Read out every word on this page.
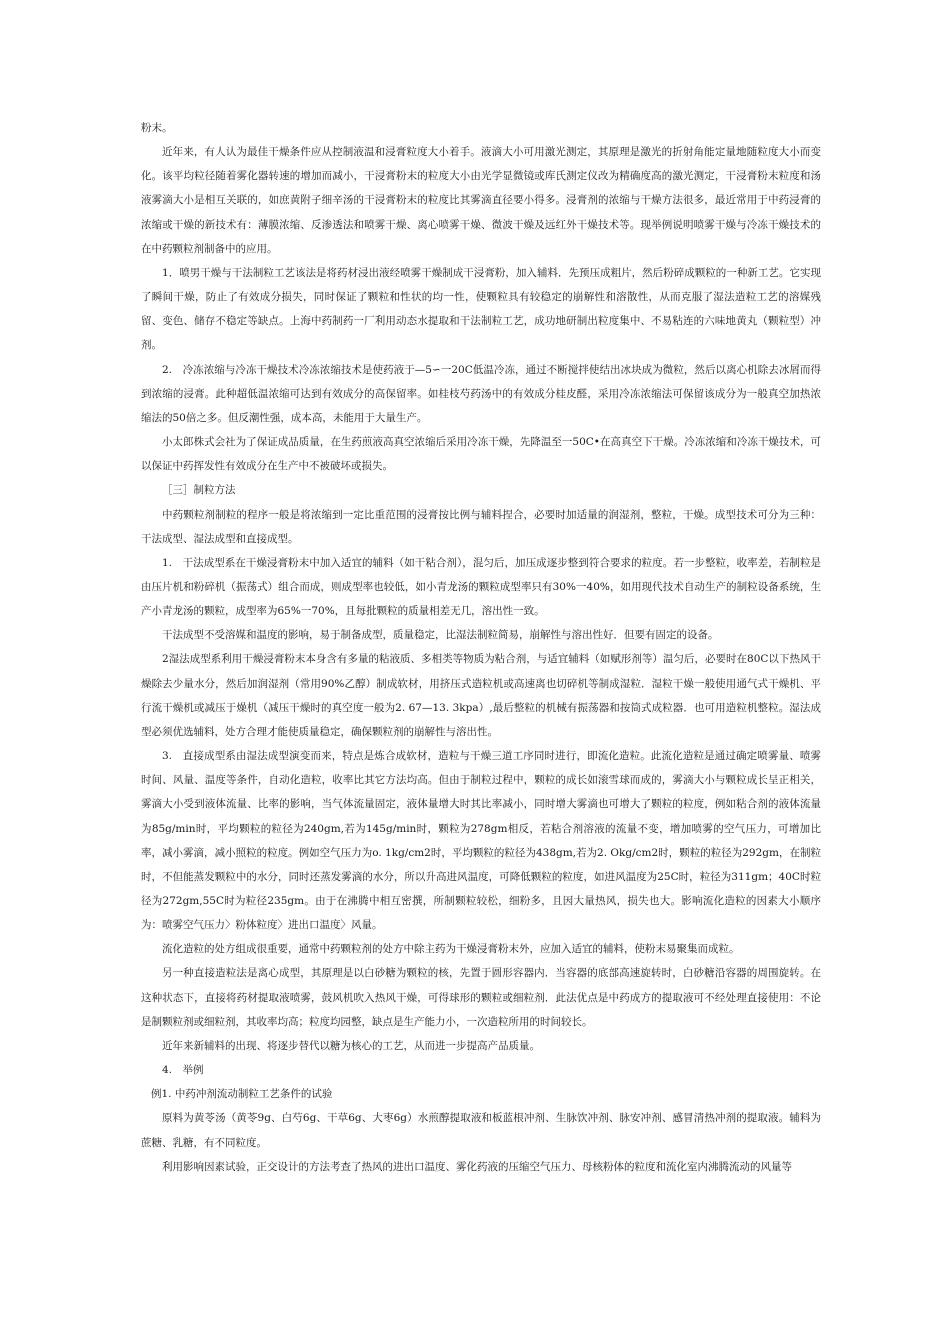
粉末。

近年来，有人认为最佳干燥条件应从控制液温和浸膏粒度大小着手。液滴大小可用激光测定，其原理是激光的折射角能定量地随粒度大小而变化。该平均粒径随着雾化器转速的增加而减小，干浸膏粉末的粒度大小由光学显微镜或库氏测定仪改为精确度高的激光测定，干浸膏粉末粒度和汤液雾滴大小是相互关联的，如庶黄附子细辛汤的干浸膏粉末的粒度比其雾滴直径要小得多。浸膏剂的浓缩与干燥方法很多，最近常用于中药浸膏的浓缩或干燥的新技术有：薄膜浓缩、反渗透法和喷雾干燥、离心喷雾干燥、微波干燥及远红外干燥技术等。现举例说明喷雾干燥与冷冻干燥技术的在中药颗粒剂制备中的应用。

1．喷男干燥与干法制粒工艺该法是将药材浸出液经喷雾干燥制成干浸膏粉，加入辅料．先预压成粗片，然后粉碎成颗粒的一种新工艺。它实现了瞬间干燥，防止了有效成分损失，同时保证了颗粒和性状的均一性，使颗粒具有较稳定的崩解性和溶散性，从而克服了湿法造粒工艺的溶媒残留、变色、储存不稳定等缺点。上海中药制药一厂利用动态水提取和干法制粒工艺，成功地研制出粒度集中、不易粘连的六味地黄丸（颗粒型）冲剂。

2.　冷冻浓缩与冷冻干燥技术冷冻浓缩技术是使药液于—5∽一20C低温冷冻，通过不断搅拌使结出冰块成为微粒，然后以离心机除去冰屑而得到浓缩的浸膏。此种超低温浓缩可达到有效成分的高保留率。如桂枝芍药汤中的有效成分桂皮醛，采用冷冻浓缩法可保留该成分为一般真空加热浓缩法的50倍之多。但反潮性强，成本高，未能用于大量生产。

小太郎株式会社为了保证成品质量，在生药煎液高真空浓缩后采用冷冻干燥，先降温至一50C•在高真空下干燥。冷冻浓缩和冷冻干燥技术，可以保证中药挥发性有效成分在生产中不被破坏或损失。

［三］制粒方法

中药颗粒剂制粒的程序一般是将浓缩到一定比重范围的浸膏按比例与辅料捏合，必要时加适量的润湿剂，整粒，干燥。成型技术可分为三种：干法成型、湿法成型和直接成型。

1.　干法成型系在干燥浸膏粉末中加入适宜的辅料（如干粘合剂），混匀后，加压成逐步整到符合要求的粒度。若一步整粒，收率差，若制粒是由压片机和粉碎机（振荡式）组合而成，则成型率也较低，如小青龙汤的颗粒成型率只有30%一40%，如用现代技术自动生产的制粒设备系统，生产小青龙汤的颗粒，成型率为65%一70%，且每批颗粒的质量相差无几，溶出性一致。

干法成型不受溶媒和温度的影响，易于制备成型，质量稳定，比湿法制粒简易，崩解性与溶出性好．但要有固定的设备。

2湿法成型系利用干燥浸膏粉末本身含有多量的粘液质、多相类等物质为粘合剂，与适宜辅料（如赋形剂等）温匀后，必要时在80C以下热风干燥除去少量水分，然后加润湿剂（常用90%乙醇）制成软材，用挤压式造粒机或高速离也切碎机等制成湿粒．湿粒干燥一般使用通气式干燥机、平行流干燥机或减压于燥机（减压干燥时的真空度一般为2. 67—13. 3kpa）,最后整粒的机械有振荡器和按筒式成粒器．也可用造粒机整粒。湿法成型必须优选辅料，处方合理才能使质量稳定，确保颗粒剂的崩解性与溶出性。

3.　直接成型系由湿法成型演变而来，特点是炼合成软材，造粒与干燥三道工序同时进行，即流化造粒。此流化造粒是通过确定喷雾量、喷雾时间、风量、温度等条件，自动化造粒，收率比其它方法均高。但由于制粒过程中，颗粒的成长如滚雪球而成的，雾滴大小与颗粒成长呈正相关，雾滴大小受到液体流量、比率的影响，当气体流量固定，液体量增大时其比率减小，同时增大雾滴也可增大了颗粒的粒度，例如粘合剂的液体流量为85g/min时，平均颗粒的粒径为240gm,若为145g/min时，颗粒为278gm相反，若粘合剂溶液的流量不变，增加喷雾的空气压力，可增加比率，减小雾滴，减小照粒的粒度。例如空气压力为o. 1kg/cm2时，平均颗粒的粒径为438gm,若为2. Okg/cm2时，颗粒的粒径为292gm，在制粒时，不但能蒸发颗粒中的水分，同时还蒸发雾滴的水分，所以升高进风温度，可降低颗粒的粒度，如进风温度为25C时，粒径为311gm；40C时粒径为272gm,55C时为粒径235gm。由于在沸腾中相互密撰，所制颗粒较松，细粉多，且因大量热风，损失也大。影响流化造粒的因素大小顺序为：喷雾空气压力〉粉体粒度〉进出口温度〉风量。

流化造粒的处方组成很重要，通常中药颗粒剂的处方中除主药为干燥浸膏粉末外，应加入适宜的辅料，使粉末易聚集而成粒。

另一种直接造粒法是离心成型，其原理是以白砂糖为颗粒的核，先置于圆形容器内．当容器的底部高速旋转时，白砂糖沿容器的周围旋转。在这种状态下，直接将药材提取液喷雾，鼓风机吹入热风干燥，可得球形的颗粒或细粒剂．此法优点是中药成方的提取液可不经处理直接使用：不论是制颗粒剂或细粒剂，其收率均高；粒度均园整，缺点是生产能力小，一次造粒所用的时间较长。

近年来新辅料的出现、将逐步替代以糖为核心的工艺，从而进一步提高产品质量。

4.　举例

例1. 中药冲剂流动制粒工艺条件的试验

原料为黄苓汤（黄苓9g、白芍6g、干草6g、大枣6g）水煎醇提取液和板蓝根冲剂、生脉饮冲剂、脉安冲剂、感冒清热冲剂的提取液。辅料为蔗糖、乳糖，有不同粒度。

利用影响因素试验，正交设计的方法考查了热风的进出口温度、雾化药液的压缩空气压力、母核粉体的粒度和流化室内沸腾流动的风量等
